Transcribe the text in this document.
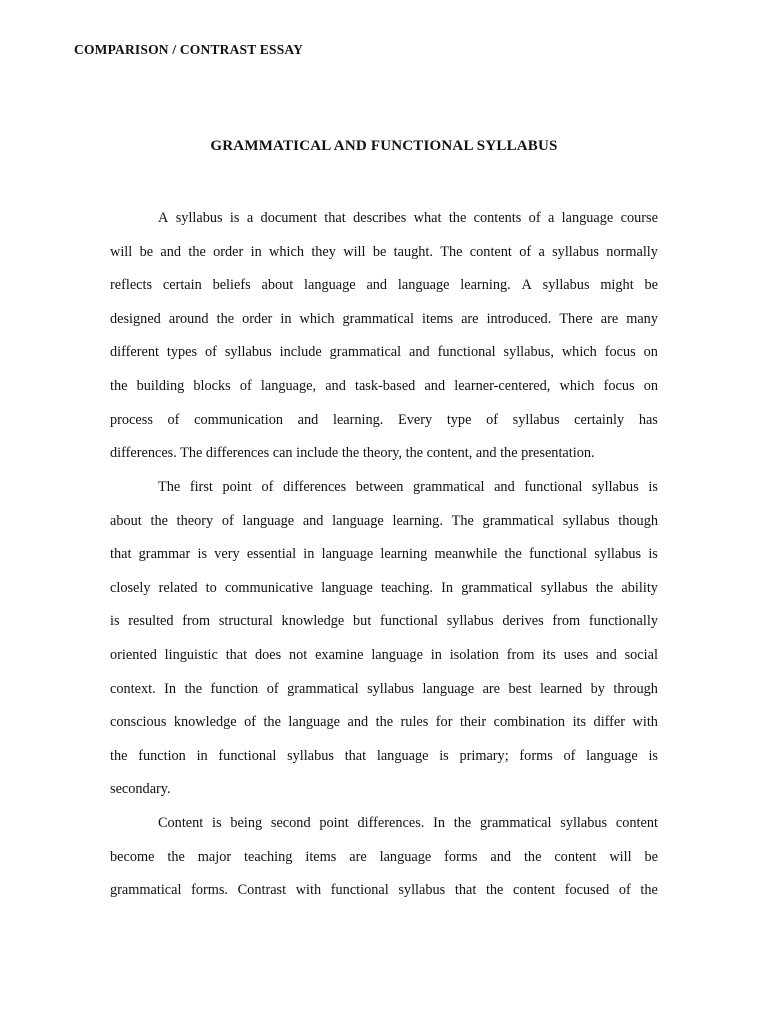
COMPARISON / CONTRAST ESSAY
GRAMMATICAL AND FUNCTIONAL SYLLABUS
A syllabus is a document that describes what the contents of a language course
will be and the order in which they will be taught. The content of a syllabus normally
reflects certain beliefs about language and language learning. A syllabus might be
designed around the order in which grammatical items are introduced. There are many
different types of syllabus include grammatical and functional syllabus, which focus on
the building blocks of language, and task-based and learner-centered, which focus on
process of communication and learning. Every type of syllabus certainly has
differences. The differences can include the theory, the content, and the presentation.
The first point of differences between grammatical and functional syllabus is
about the theory of language and language learning. The grammatical syllabus though
that grammar is very essential in language learning meanwhile the functional syllabus is
closely related to communicative language teaching. In grammatical syllabus the ability
is resulted from structural knowledge but functional syllabus derives from functionally
oriented linguistic that does not examine language in isolation from its uses and social
context. In the function of grammatical syllabus language are best learned by through
conscious knowledge of the language and the rules for their combination its differ with
the function in functional syllabus that language is primary; forms of language is
secondary.
Content is being second point differences. In the grammatical syllabus content
become the major teaching items are language forms and the content will be
grammatical forms. Contrast with functional syllabus that the content focused of the
